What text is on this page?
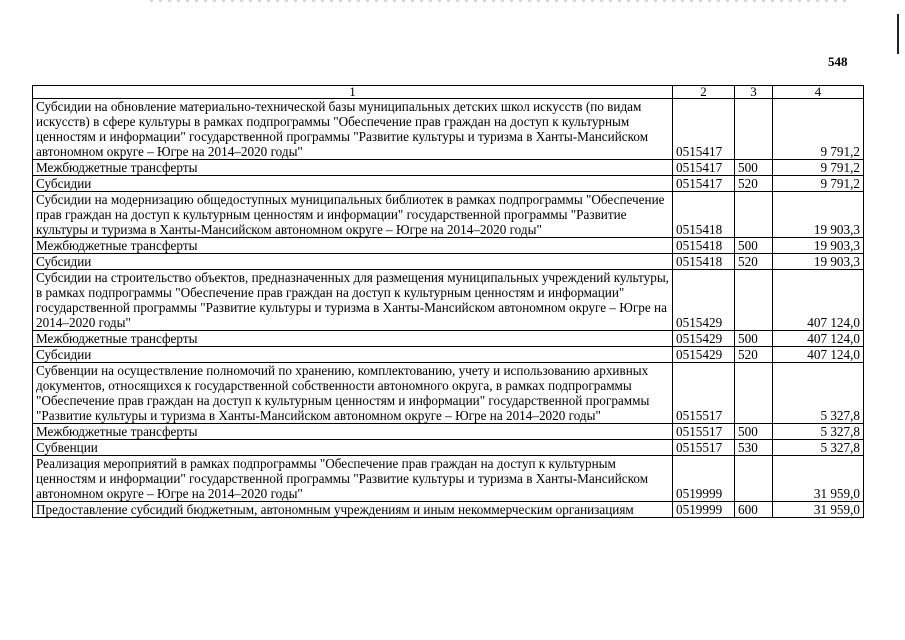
548
1	2	3	4
Субсидии на обновление материально-технической базы муниципальных детских школ искусств (по видам искусств) в сфере культуры в рамках подпрограммы "Обеспечение прав граждан на доступ к культурным ценностям и информации" государственной программы "Развитие культуры и туризма в Ханты-Мансийском автономном округе – Югре на 2014–2020 годы"	0515417		9 791,2
Межбюджетные трансферты	0515417	500	9 791,2
Субсидии	0515417	520	9 791,2
Субсидии на модернизацию общедоступных муниципальных библиотек в рамках подпрограммы "Обеспечение прав граждан на доступ к культурным ценностям и информации" государственной программы "Развитие культуры и туризма в Ханты-Мансийском автономном округе – Югре на 2014–2020 годы"	0515418		19 903,3
Межбюджетные трансферты	0515418	500	19 903,3
Субсидии	0515418	520	19 903,3
Субсидии на строительство объектов, предназначенных для размещения муниципальных учреждений культуры, в рамках подпрограммы "Обеспечение прав граждан на доступ к культурным ценностям и информации" государственной программы "Развитие культуры и туризма в Ханты-Мансийском автономном округе – Югре на 2014–2020 годы"	0515429		407 124,0
Межбюджетные трансферты	0515429	500	407 124,0
Субсидии	0515429	520	407 124,0
Субвенции на осуществление полномочий по хранению, комплектованию, учету и использованию архивных документов, относящихся к государственной собственности автономного округа, в рамках подпрограммы "Обеспечение прав граждан на доступ к культурным ценностям и информации" государственной программы "Развитие культуры и туризма в Ханты-Мансийском автономном округе – Югре на 2014–2020 годы"	0515517		5 327,8
Межбюджетные трансферты	0515517	500	5 327,8
Субвенции	0515517	530	5 327,8
Реализация мероприятий в рамках подпрограммы "Обеспечение прав граждан на доступ к культурным ценностям и информации" государственной программы "Развитие культуры и туризма в Ханты-Мансийском автономном округе – Югре на 2014–2020 годы"	0519999		31 959,0
Предоставление субсидий бюджетным, автономным учреждениям и иным некоммерческим организациям	0519999	600	31 959,0
